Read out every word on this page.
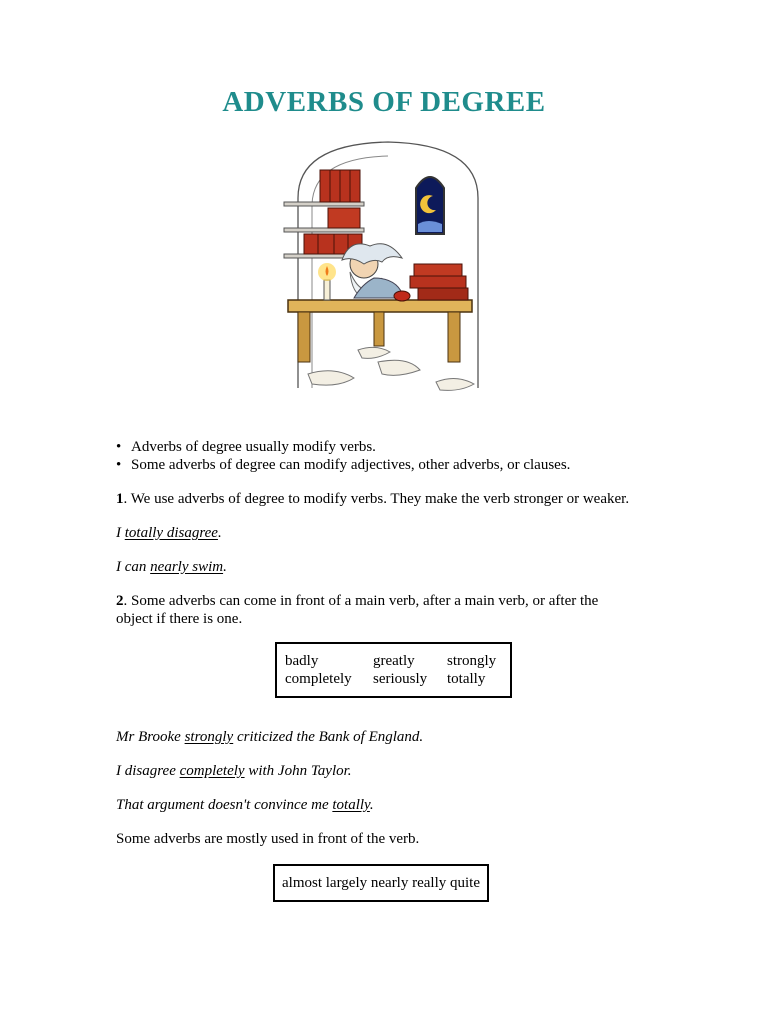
ADVERBS OF DEGREE
• Adverbs of degree usually modify verbs.
• Some adverbs of degree can modify adjectives, other adverbs, or clauses.

1. We use adverbs of degree to modify verbs. They make the verb stronger or weaker.

I totally disagree.

I can nearly swim.

2. Some adverbs can come in front of a main verb, after a main verb, or after the
object if there is one.

badly	greatly	strongly
completely	seriously	totally

Mr Brooke strongly criticized the Bank of England.

I disagree completely with John Taylor.

That argument doesn't convince me totally.

Some adverbs are mostly used in front of the verb.

almost largely nearly really quite
